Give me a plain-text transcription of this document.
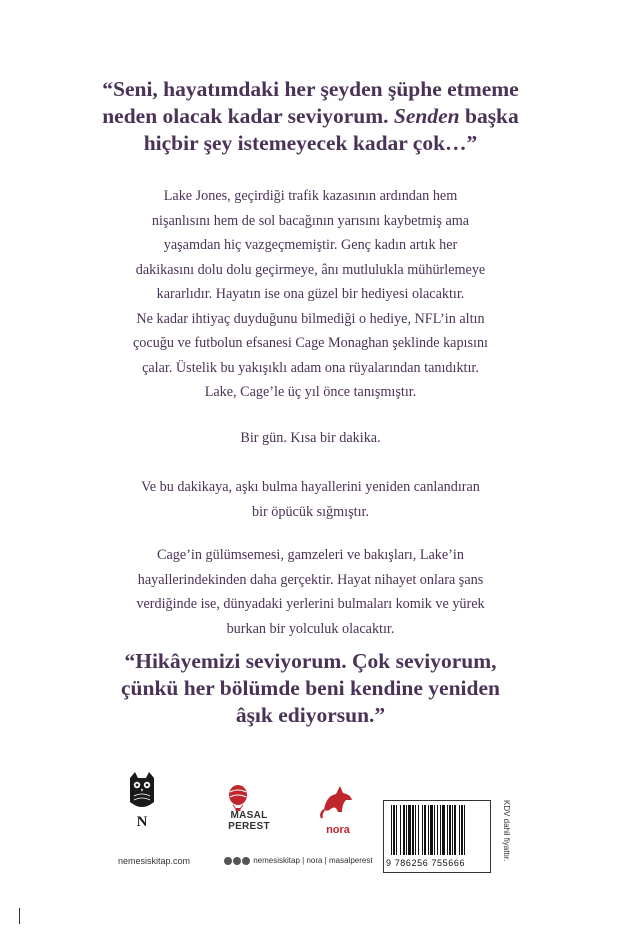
“Seni, hayatımdaki her şeyden şüphe etmeme
neden olacak kadar seviyorum. Senden başka
hiçbir şey istemeyecek kadar çok…”
Lake Jones, geçirdiği trafik kazasının ardından hem
nişanlısını hem de sol bacağının yarısını kaybetmiş ama
yaşamdan hiç vazgeçmemiştir. Genç kadın artık her
dakikasını dolu dolu geçirmeye, ânı mutlulukla mühürlemeye
kararlıdır. Hayatın ise ona güzel bir hediyesi olacaktır.
Ne kadar ihtiyaç duyduğunu bilmediği o hediye, NFL’in altın
çocuğu ve futbolun efsanesi Cage Monaghan şeklinde kapısını
çalar. Üstelik bu yakışıklı adam ona rüyalarından tanıdıktır.
Lake, Cage’le üç yıl önce tanışmıştır.
Bir gün. Kısa bir dakika.
Ve bu dakikaya, aşkı bulma hayallerini yeniden canlandıran
bir öpücük sığmıştır.
Cage’in gülümsemesi, gamzeleri ve bakışları, Lake’in
hayallerindekinden daha gerçektir. Hayat nihayet onlara şans
verdiğinde ise, dünyadaki yerlerini bulmaları komik ve yürek
burkan bir yolculuk olacaktır.
“Hikâyemizi seviyorum. Çok seviyorum,
çünkü her bölümde beni kendine yeniden
âşık ediyorsun.”
N	MASAL
PEREST	nora
nemesiskitap.com	nemesiskitap | nora | masalperest 9 786256 755666
KDV dahil fiyattır.
